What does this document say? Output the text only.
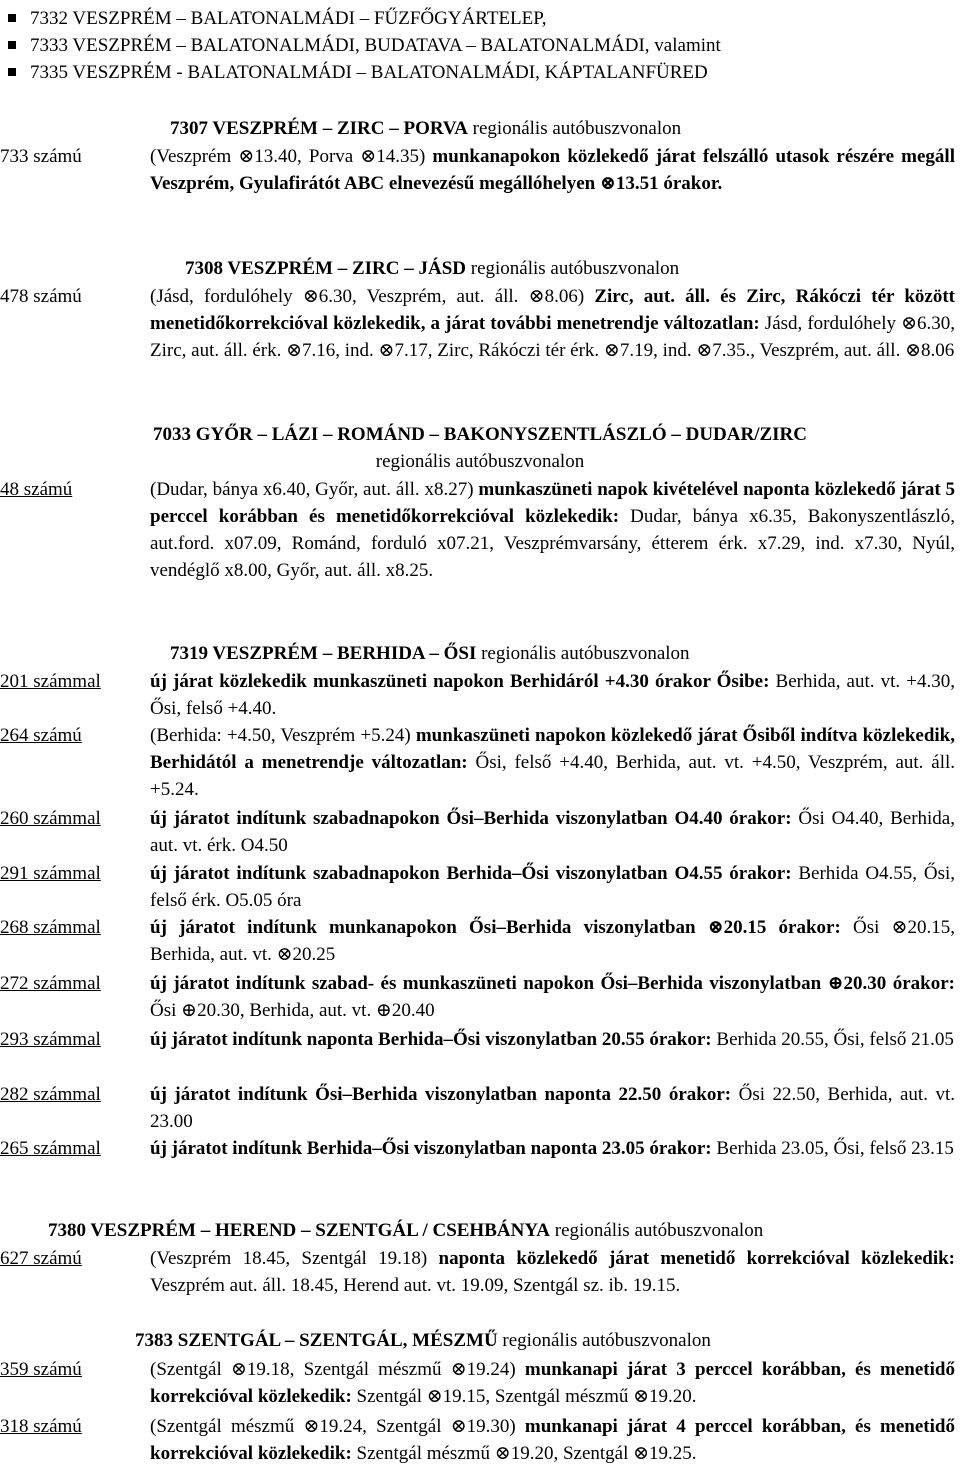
7332 VESZPRÉM – BALATONALMÁDI – FŰZFŐGYÁRTELEP,
7333 VESZPRÉM – BALATONALMÁDI, BUDATAVA – BALATONALMÁDI, valamint
7335 VESZPRÉM - BALATONALMÁDI – BALATONALMÁDI, KÁPTALANFÜRED
7307 VESZPRÉM – ZIRC – PORVA regionális autóbuszvonalon
733 számú	(Veszprém ⊗13.40, Porva ⊗14.35) munkanapokon közlekedő járat felszálló utasok részére megáll Veszprém, Gyulafirátót ABC elnevezésű megállóhelyen ⊗13.51 órakor.
7308 VESZPRÉM – ZIRC – JÁSD regionális autóbuszvonalon
478 számú	(Jásd, fordulóhely ⊗6.30, Veszprém, aut. áll. ⊗8.06) Zirc, aut. áll. és Zirc, Rákóczi tér között menetidőkorrekcióval közlekedik, a járat további menetrendje változatlan: Jásd, fordulóhely ⊗6.30, Zirc, aut. áll. érk. ⊗7.16, ind. ⊗7.17, Zirc, Rákóczi tér érk. ⊗7.19, ind. ⊗7.35., Veszprém, aut. áll. ⊗8.06
7033 GYŐR – LÁZI – ROMÁND – BAKONYSZENTLÁSZLÓ – DUDAR/ZIRC
regionális autóbuszvonalon
48 számú	(Dudar, bánya x6.40, Győr, aut. áll. x8.27) munkaszüneti napok kivételével naponta közlekedő járat 5 perccel korábban és menetidőkorrekcióval közlekedik: Dudar, bánya x6.35, Bakonyszentlászló, aut.ford. x07.09, Románd, forduló x07.21, Veszprémvarsány, étterem érk. x7.29, ind. x7.30, Nyúl, vendéglő x8.00, Győr, aut. áll. x8.25.
7319 VESZPRÉM – BERHIDA – ŐSI regionális autóbuszvonalon
201 számmal	új járat közlekedik munkaszüneti napokon Berhidáról +4.30 órakor Ősibe: Berhida, aut. vt. +4.30, Ősi, felső +4.40.
264 számú	(Berhida: +4.50, Veszprém +5.24) munkaszüneti napokon közlekedő járat Ősiből indítva közlekedik, Berhidától a menetrendje változatlan: Ősi, felső +4.40, Berhida, aut. vt. +4.50, Veszprém, aut. áll. +5.24.
260 számmal	új járatot indítunk szabadnapokon Ősi–Berhida viszonylatban O4.40 órakor: Ősi O4.40, Berhida, aut. vt. érk. O4.50
291 számmal	új járatot indítunk szabadnapokon Berhida–Ősi viszonylatban O4.55 órakor: Berhida O4.55, Ősi, felső érk. O5.05 óra
268 számmal	új járatot indítunk munkanapokon Ősi–Berhida viszonylatban ⊗20.15 órakor: Ősi ⊗20.15, Berhida, aut. vt. ⊗20.25
272 számmal	új járatot indítunk szabad- és munkaszüneti napokon Ősi–Berhida viszonylatban ⊕20.30 órakor: Ősi ⊕20.30, Berhida, aut. vt. ⊕20.40
293 számmal	új járatot indítunk naponta Berhida–Ősi viszonylatban 20.55 órakor: Berhida 20.55, Ősi, felső 21.05
282 számmal	új járatot indítunk Ősi–Berhida viszonylatban naponta 22.50 órakor: Ősi 22.50, Berhida, aut. vt. 23.00
265 számmal	új járatot indítunk Berhida–Ősi viszonylatban naponta 23.05 órakor: Berhida 23.05, Ősi, felső 23.15
7380 VESZPRÉM – HEREND – SZENTGÁL / CSEHBÁNYA regionális autóbuszvonalon
627 számú	(Veszprém 18.45, Szentgál 19.18) naponta közlekedő járat menetidő korrekcióval közlekedik: Veszprém aut. áll. 18.45, Herend aut. vt. 19.09, Szentgál sz. ib. 19.15.
7383 SZENTGÁL – SZENTGÁL, MÉSZMŰ regionális autóbuszvonalon
359 számú	(Szentgál ⊗19.18, Szentgál mészmű ⊗19.24) munkanapi járat 3 perccel korábban, és menetidő korrekcióval közlekedik: Szentgál ⊗19.15, Szentgál mészmű ⊗19.20.
318 számú	(Szentgál mészmű ⊗19.24, Szentgál ⊗19.30) munkanapi járat 4 perccel korábban, és menetidő korrekcióval közlekedik: Szentgál mészmű ⊗19.20, Szentgál ⊗19.25.
